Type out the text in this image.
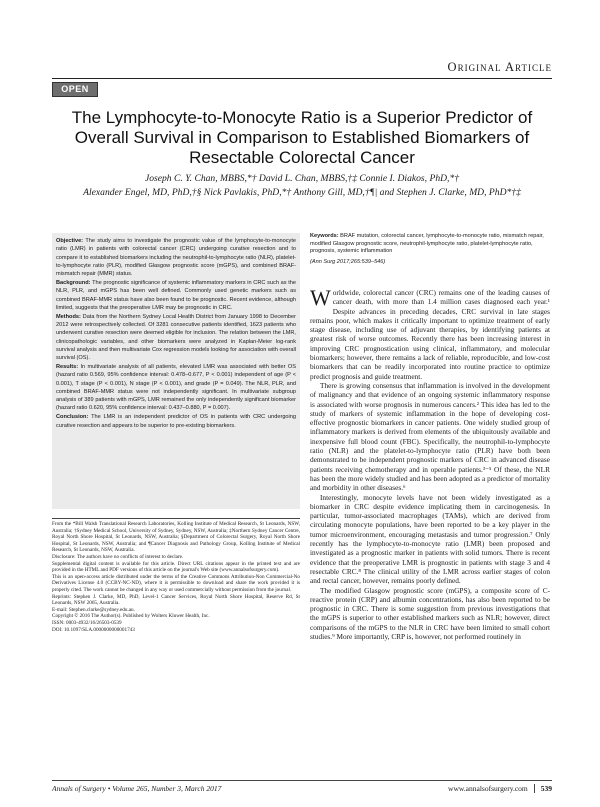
Original Article
OPEN
The Lymphocyte-to-Monocyte Ratio is a Superior Predictor of Overall Survival in Comparison to Established Biomarkers of Resectable Colorectal Cancer
Joseph C. Y. Chan, MBBS,*† David L. Chan, MBBS,†‡ Connie I. Diakos, PhD,*†
Alexander Engel, MD, PhD,†§ Nick Pavlakis, PhD,*† Anthony Gill, MD,†¶| and Stephen J. Clarke, MD, PhD*†‡

Objective: The study aims to investigate the prognostic value of the lymphocyte-to-monocyte ratio (LMR) in patients with colorectal cancer (CRC) undergoing curative resection and to compare it to established biomarkers including the neutrophil-to-lymphocyte ratio (NLR), platelet-to-lymphocyte ratio (PLR), modified Glasgow prognostic score (mGPS), and combined BRAF-mismatch repair (MMR) status.

Background: The prognostic significance of systemic inflammatory markers in CRC such as the NLR, PLR, and mGPS has been well defined. Commonly used genetic markers such as combined BRAF-MMR status have also been found to be prognostic. Recent evidence, although limited, suggests that the preoperative LMR may be prognostic in CRC.

Methods: Data from the Northern Sydney Local Health District from January 1998 to December 2012 were retrospectively collected. Of 3281 consecutive patients identified, 1623 patients who underwent curative resection were deemed eligible for inclusion. The relation between the LMR, clinicopathologic variables, and other biomarkers were analyzed in Kaplan-Meier log-rank survival analysis and then multivariate Cox regression models looking for association with overall survival (OS).

Results: In multivariate analysis of all patients, elevated LMR was associated with better OS (hazard ratio 0.569, 95% confidence interval: 0.478–0.677, P < 0.001) independent of age (P < 0.001), T stage (P < 0.001), N stage (P < 0.001), and grade (P = 0.049). The NLR, PLR, and combined BRAF-MMR status were not independently significant. In multivariate subgroup analysis of 389 patients with mGPS, LMR remained the only independently significant biomarker (hazard ratio 0.620, 95% confidence interval: 0.437–0.880, P = 0.007).

Conclusion: The LMR is an independent predictor of OS in patients with CRC undergoing curative resection and appears to be superior to pre-existing biomarkers.

Keywords: BRAF mutation, colorectal cancer, lymphocyte-to-monocyte ratio, mismatch repair, modified Glasgow prognostic score, neutrophil-lymphocyte ratio, platelet-lymphocyte ratio, prognosis, systemic inflammation
(Ann Surg 2017;265:539–546)

From the *Bill Walsh Translational Research Laboratories, Kolling Institute of Medical Research, St Leonards, NSW, Australia; †Sydney Medical School, University of Sydney, Sydney, NSW, Australia; ‡Northern Sydney Cancer Centre, Royal North Shore Hospital, St Leonards, NSW, Australia; §Department of Colorectal Surgery, Royal North Shore Hospital, St Leonards, NSW, Australia; and ¶Cancer Diagnosis and Pathology Group, Kolling Institute of Medical Research, St Leonards, NSW, Australia.

Disclosure: The authors have no conflicts of interest to declare.

Supplemental digital content is available for this article. Direct URL citations appear in the printed text and are provided in the HTML and PDF versions of this article on the journal's Web site (www.annalsofsurgery.com).

This is an open-access article distributed under the terms of the Creative Commons Attribution-Non Commercial-No Derivatives License 4.0 (CCBY-NC-ND), where it is permissible to download and share the work provided it is properly cited. The work cannot be changed in any way or used commercially without permission from the journal.

Reprints: Stephen J. Clarke, MD, PhD, Level-1 Cancer Services, Royal North Shore Hospital, Reserve Rd, St Leonards, NSW 2065, Australia.

E-mail: Stephen.clarke@sydney.edu.au.

Copyright © 2016 The Author(s). Published by Wolters Kluwer Health, Inc.

ISSN: 0003-4932/16/26503-0539

DOI: 10.1097/SLA.0000000000001743

Worldwide, colorectal cancer (CRC) remains one of the leading causes of cancer death, with more than 1.4 million cases diagnosed each year.¹ Despite advances in preceding decades, CRC survival in late stages remains poor, which makes it critically important to optimize treatment of early stage disease, including use of adjuvant therapies, by identifying patients at greatest risk of worse outcomes. Recently there has been increasing interest in improving CRC prognostication using clinical, inflammatory, and molecular biomarkers; however, there remains a lack of reliable, reproducible, and low-cost biomarkers that can be readily incorporated into routine practice to optimize predict prognosis and guide treatment.

There is growing consensus that inflammation is involved in the development of malignancy and that evidence of an ongoing systemic inflammatory response is associated with worse prognosis in numerous cancers.² This idea has led to the study of markers of systemic inflammation in the hope of developing cost-effective prognostic biomarkers in cancer patients. One widely studied group of inflammatory markers is derived from elements of the ubiquitously available and inexpensive full blood count (FBC). Specifically, the neutrophil-to-lymphocyte ratio (NLR) and the platelet-to-lymphocyte ratio (PLR) have both been demonstrated to be independent prognostic markers of CRC in advanced disease patients receiving chemotherapy and in operable patients.³⁻⁵ Of these, the NLR has been the more widely studied and has been adopted as a predictor of mortality and morbidity in other diseases.⁶

Interestingly, monocyte levels have not been widely investigated as a biomarker in CRC despite evidence implicating them in carcinogenesis. In particular, tumor-associated macrophages (TAMs), which are derived from circulating monocyte populations, have been reported to be a key player in the tumor microenvironment, encouraging metastasis and tumor progression.⁷ Only recently has the lymphocyte-to-monocyte ratio (LMR) been proposed and investigated as a prognostic marker in patients with solid tumors. There is recent evidence that the preoperative LMR is prognostic in patients with stage 3 and 4 resectable CRC.⁸ The clinical utility of the LMR across earlier stages of colon and rectal cancer, however, remains poorly defined.

The modified Glasgow prognostic score (mGPS), a composite score of C-reactive protein (CRP) and albumin concentrations, has also been reported to be prognostic in CRC. There is some suggestion from previous investigations that the mGPS is superior to other established markers such as NLR; however, direct comparisons of the mGPS to the NLR in CRC have been limited to small cohort studies.⁹ More importantly, CRP is, however, not performed routinely in

Annals of Surgery • Volume 265, Number 3, March 2017	www.annalsofsurgery.com 539
